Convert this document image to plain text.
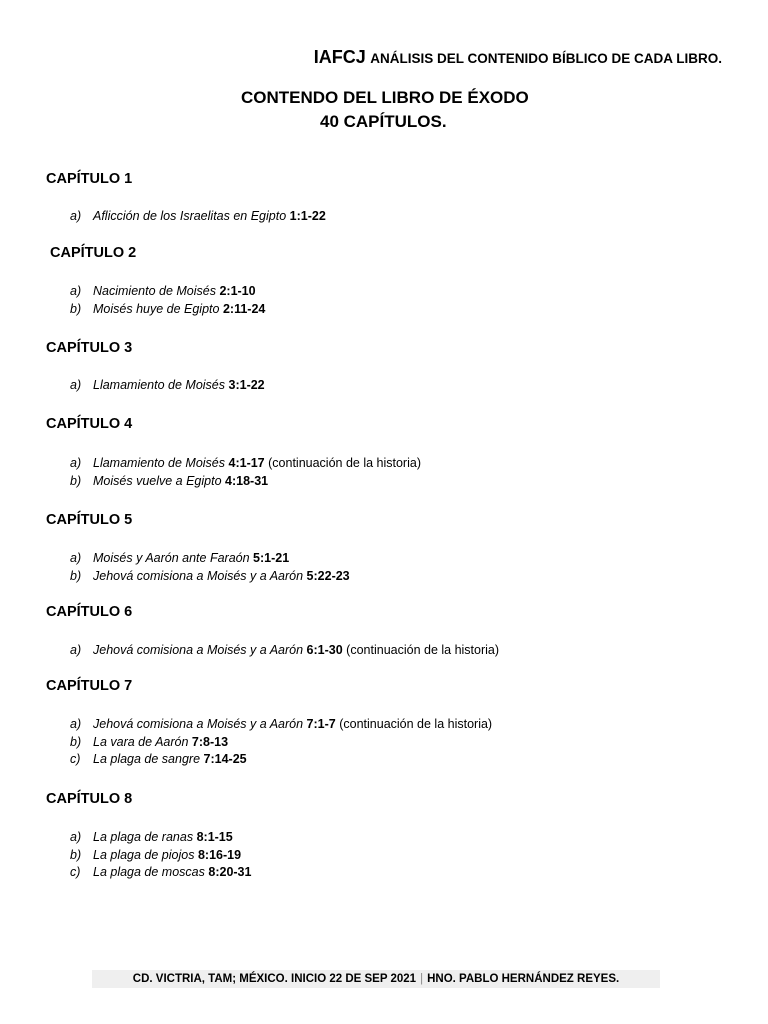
IAFCJ ANÁLISIS DEL CONTENIDO BÍBLICO DE CADA LIBRO.
CONTENDO DEL LIBRO DE ÉXODO
40 CAPÍTULOS.
CAPÍTULO 1
a) Aflicción de los Israelitas en Egipto 1:1-22
CAPÍTULO 2
a) Nacimiento de Moisés 2:1-10
b) Moisés huye de Egipto 2:11-24
CAPÍTULO 3
a) Llamamiento de Moisés 3:1-22
CAPÍTULO 4
a) Llamamiento de Moisés 4:1-17 (continuación de la historia)
b) Moisés vuelve a Egipto 4:18-31
CAPÍTULO 5
a) Moisés y Aarón ante Faraón 5:1-21
b) Jehová comisiona a Moisés y a Aarón 5:22-23
CAPÍTULO 6
a) Jehová comisiona a Moisés y a Aarón 6:1-30 (continuación de la historia)
CAPÍTULO 7
a) Jehová comisiona a Moisés y a Aarón 7:1-7 (continuación de la historia)
b) La vara de Aarón 7:8-13
c) La plaga de sangre 7:14-25
CAPÍTULO 8
a) La plaga de ranas 8:1-15
b) La plaga de piojos 8:16-19
c) La plaga de moscas 8:20-31
CD. VICTRIA, TAM; MÉXICO. INICIO 22 DE SEP 2021 | HNO. PABLO HERNÁNDEZ REYES.
